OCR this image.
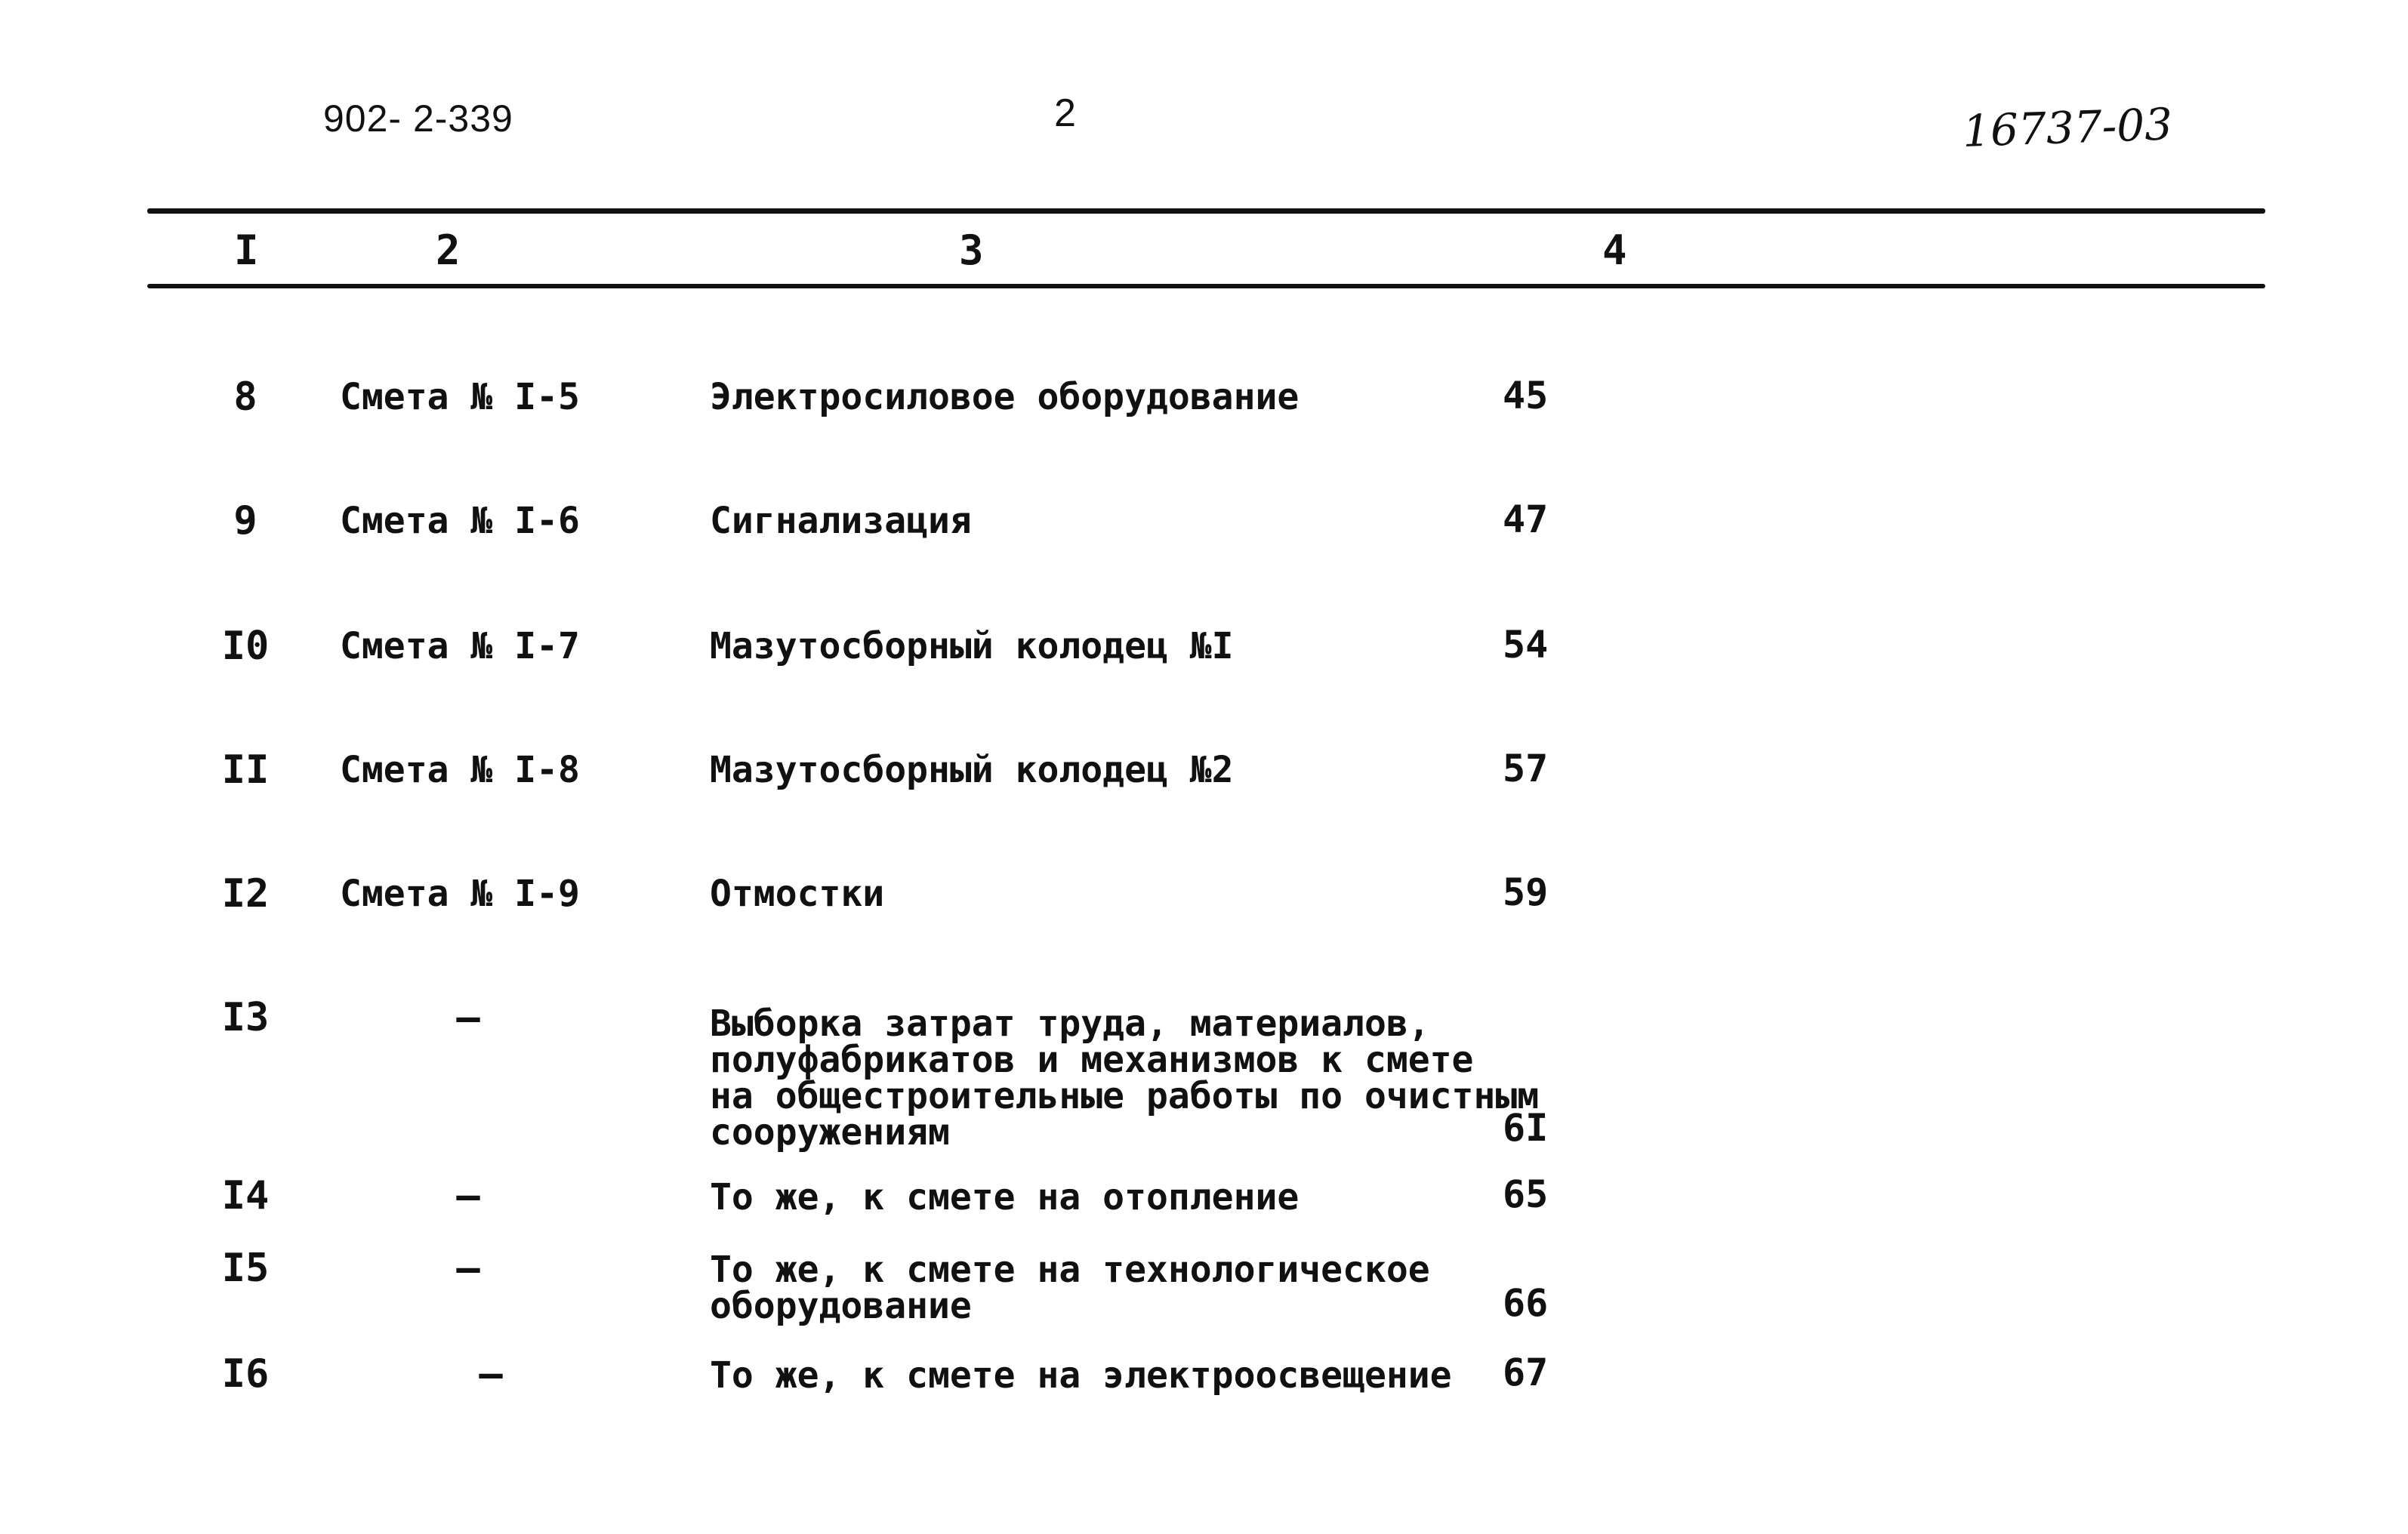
902- 2-339	2	16737-03
I	2	3	4
8	Смета № I-5	Электросиловое оборудование	45
9	Смета № I-6	Сигнализация	47
I0	Смета № I-7	Мазутосборный колодец №I	54
II	Смета № I-8	Мазутосборный колодец №2	57
I2	Смета № I-9	Отмостки	59
I3	—	Выборка затрат труда, материалов,
полуфабрикатов и механизмов к смете
на общестроительные работы по очистным
сооружениям	6I
I4	—	То же, к смете на отопление	65
I5	–	То же, к смете на технологическое
оборудование	66
I6	—	То же, к смете на электроосвещение 67
